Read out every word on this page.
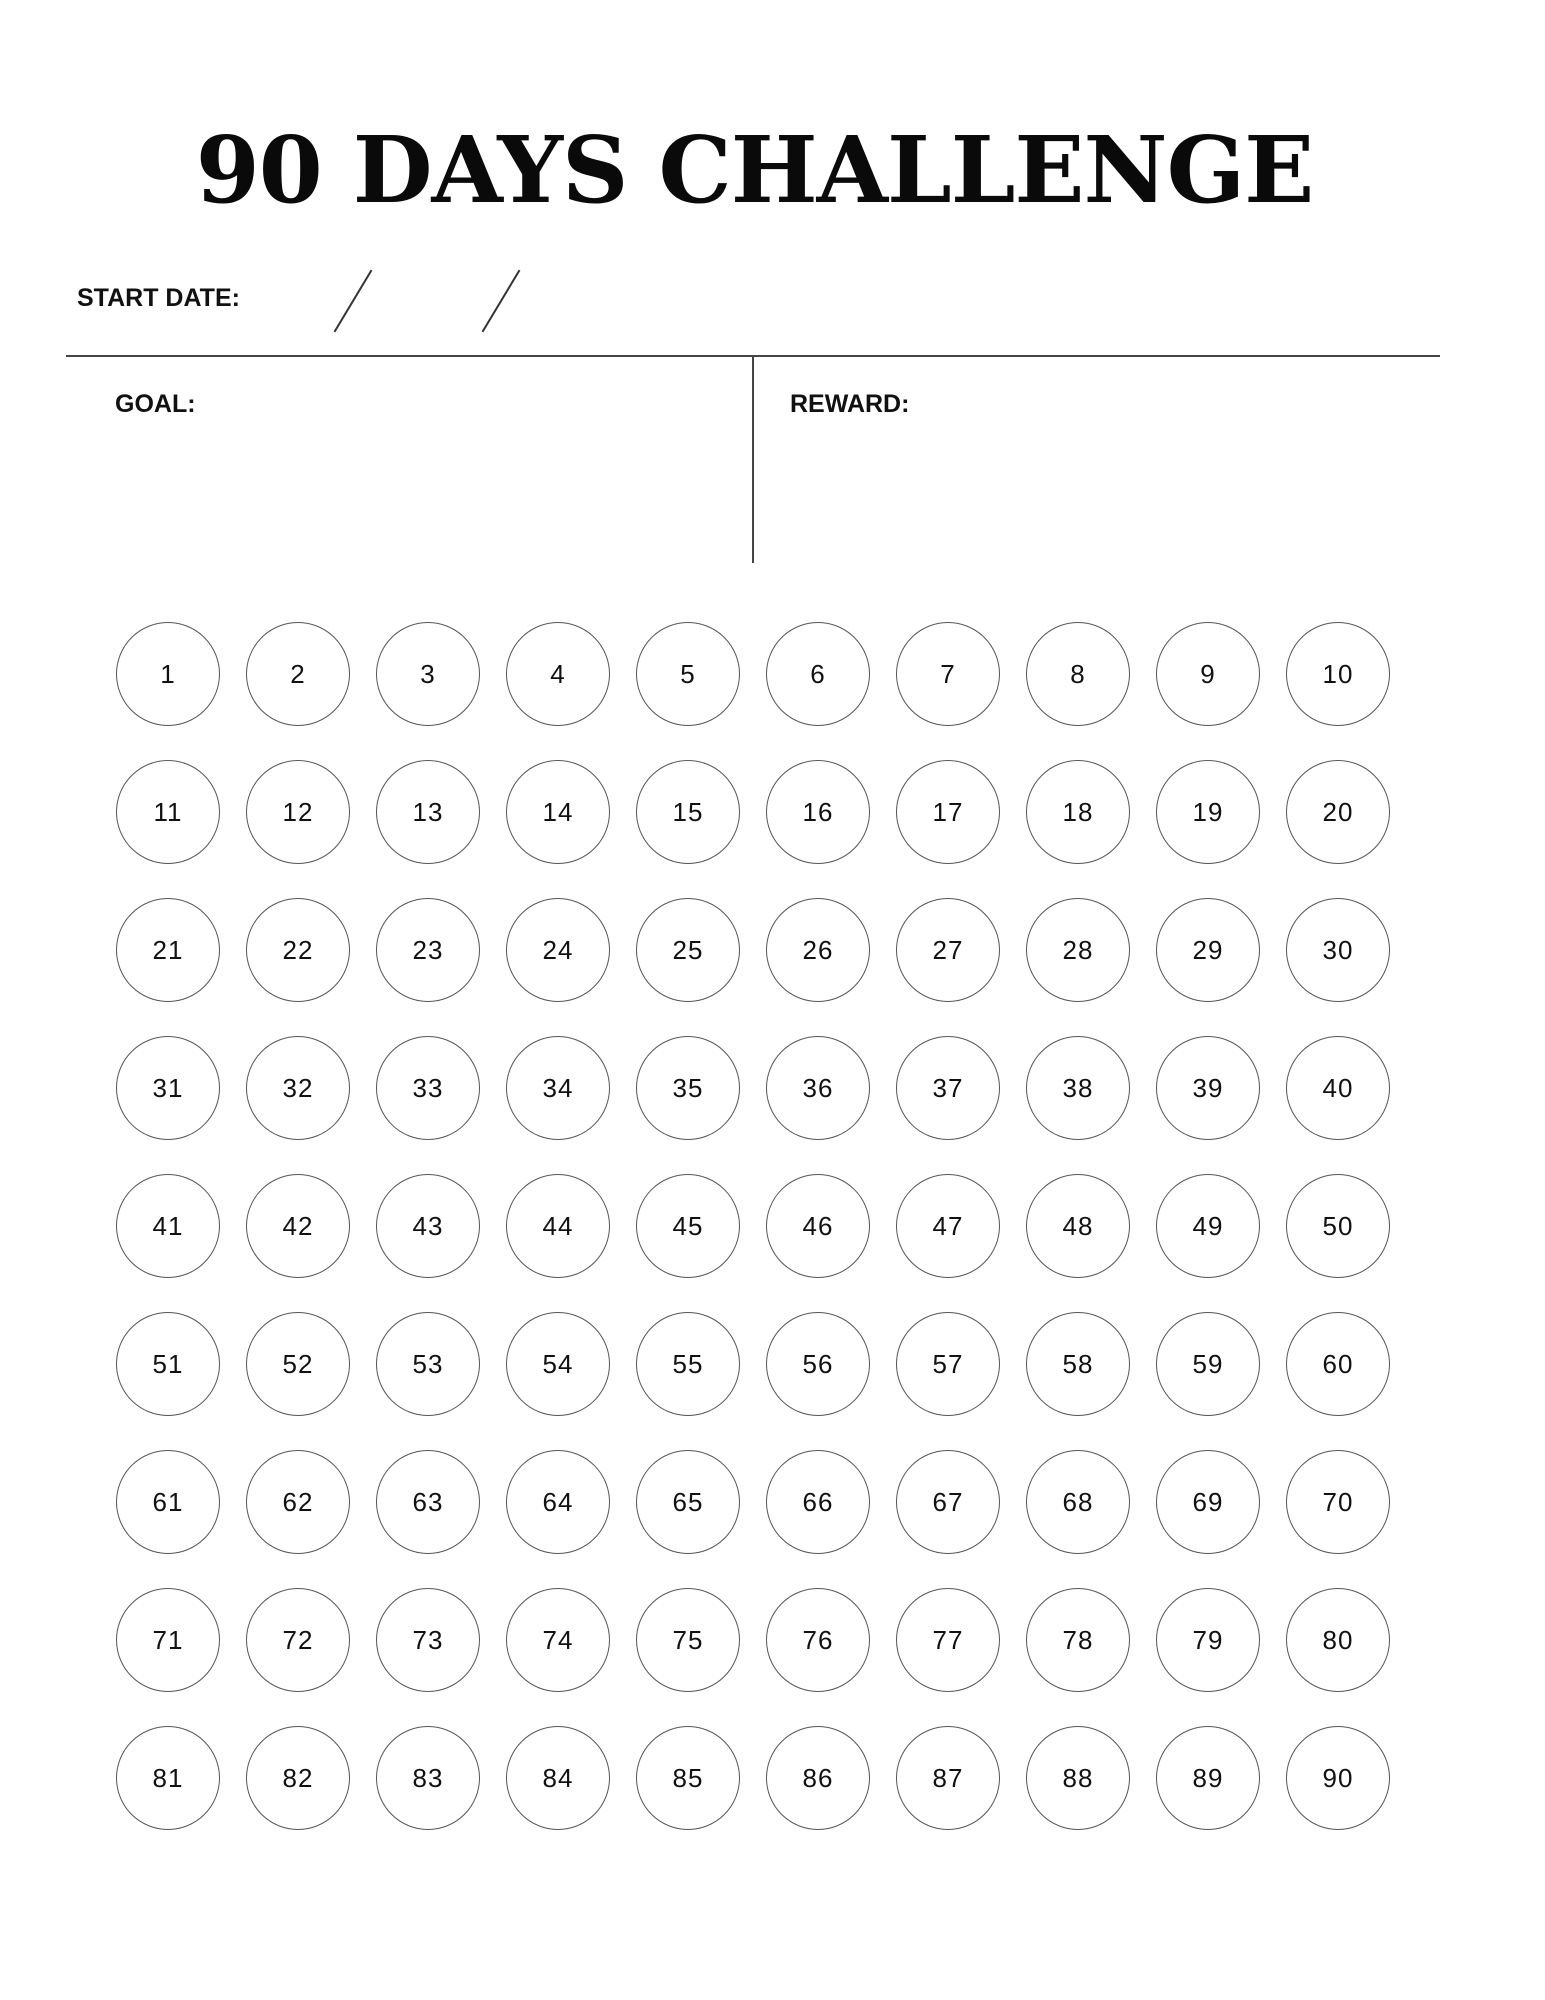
90 DAYS CHALLENGE
START DATE:
GOAL:	REWARD:
1	2	3	4	5	6	7	8	9	10
11	12	13	14	15	16	17	18	19	20
21	22	23	24	25	26	27	28	29	30
31	32	33	34	35	36	37	38	39	40
41	42	43	44	45	46	47	48	49	50
51	52	53	54	55	56	57	58	59	60
61	62	63	64	65	66	67	68	69	70
71	72	73	74	75	76	77	78	79	80
81	82	83	84	85	86	87	88	89	90
